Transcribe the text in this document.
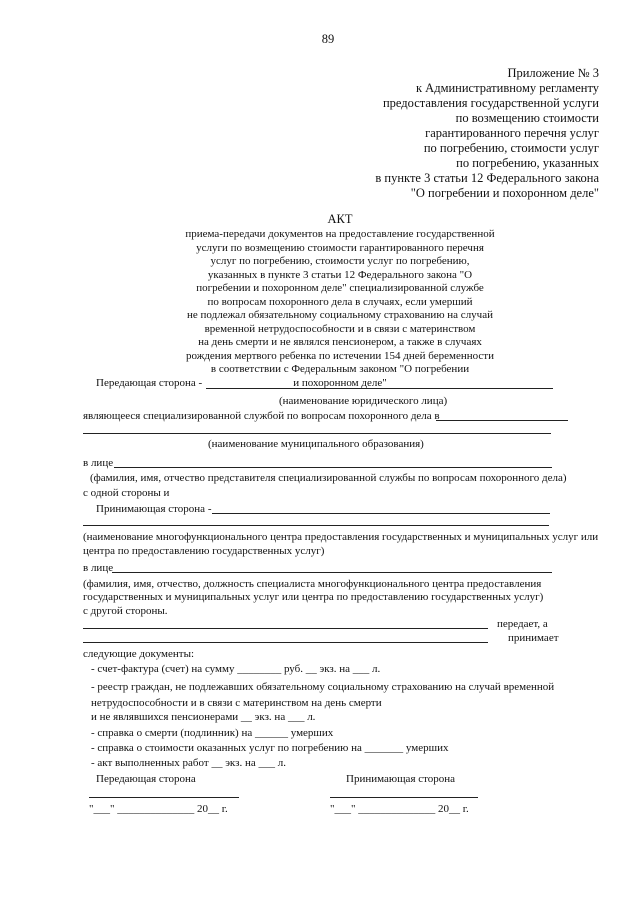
89
Приложение № 3
к Административному регламенту
предоставления государственной услуги
по возмещению стоимости
гарантированного перечня услуг
по погребению, стоимости услуг
по погребению, указанных
в пункте 3 статьи 12 Федерального закона
"О погребении и похоронном деле"
АКТ
приема-передачи документов на предоставление государственной
услуги по возмещению стоимости гарантированного перечня
услуг по погребению, стоимости услуг по погребению,
указанных в пункте 3 статьи 12 Федерального закона "О
погребении и похоронном деле" специализированной службе
по вопросам похоронного дела в случаях, если умерший
не подлежал обязательному социальному страхованию на случай
временной нетрудоспособности и в связи с материнством
на день смерти и не являлся пенсионером, а также в случаях
рождения мертвого ребенка по истечении 154 дней беременности
в соответствии с Федеральным законом "О погребении
и похоронном деле"
Передающая сторона -
(наименование юридического лица)
являющееся специализированной службой по вопросам похоронного дела в
(наименование муниципального образования)
в лице
(фамилия, имя, отчество представителя специализированной службы по вопросам похоронного дела)
с одной стороны и
Принимающая сторона -
(наименование многофункционального центра предоставления государственных и муниципальных услуг или
центра по предоставлению государственных услуг)
в лице
(фамилия, имя, отчество, должность специалиста многофункционального центра предоставления
государственных и муниципальных услуг или центра по предоставлению государственных услуг)
с другой стороны.
передает, а
принимает
следующие документы:
- счет-фактура (счет) на сумму ________ руб. __ экз. на ___ л.
- реестр граждан, не подлежавших обязательному социальному страхованию на случай временной
нетрудоспособности и в связи с материнством на день смерти
и не являвшихся пенсионерами __ экз. на ___ л.
- справка о смерти (подлинник) на ______ умерших
- справка о стоимости оказанных услуг по погребению на _______ умерших
- акт выполненных работ __ экз. на ___ л.
Передающая сторона	Принимающая сторона
"___" ______________ 20__ г.	"___" ______________ 20__ г.
